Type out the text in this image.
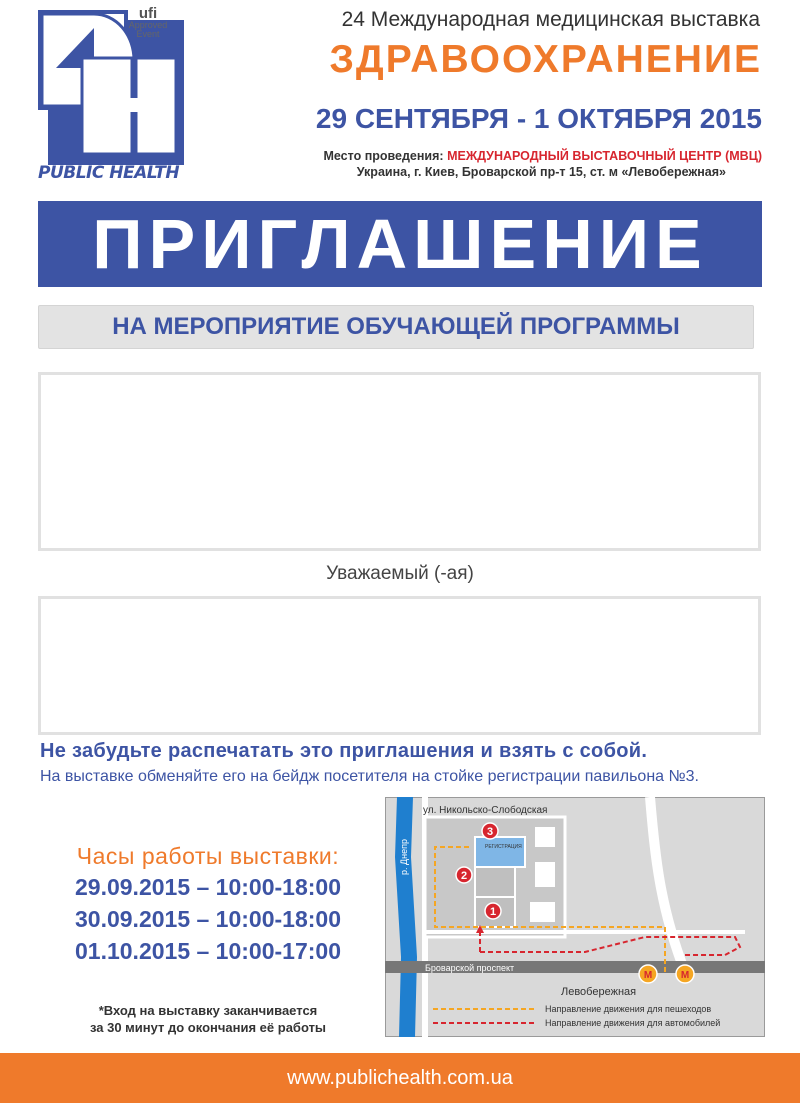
PUBLIC HEALTH
ufi
Approved
Event
24 Международная медицинская выставка
ЗДРАВООХРАНЕНИЕ
29 СЕНТЯБРЯ - 1 ОКТЯБРЯ 2015
Место проведения: МЕЖДУНАРОДНЫЙ ВЫСТАВОЧНЫЙ ЦЕНТР (МВЦ)
Украина, г. Киев, Броварской пр-т 15, ст. м «Левобережная»
ПРИГЛАШЕНИЕ
НА МЕРОПРИЯТИЕ ОБУЧАЮЩЕЙ ПРОГРАММЫ
Уважаемый (-ая)
Не забудьте распечатать это приглашения и взять с собой.
На выставке обменяйте его на бейдж посетителя на стойке регистрации павильона №3.
Часы работы выставки:
29.09.2015 – 10:00-18:00
30.09.2015 – 10:00-18:00
01.10.2015 – 10:00-17:00
*Вход на выставку заканчивается
за 30 минут до окончания её работы
р. Днепр
ул. Никольско-Слободская
РЕГИСТРАЦИЯ
3
2
1
Броварской проспект
M	M
Левобережная
Направление движения для пешеходов
Направление движения для автомобилей
www.publichealth.com.ua
